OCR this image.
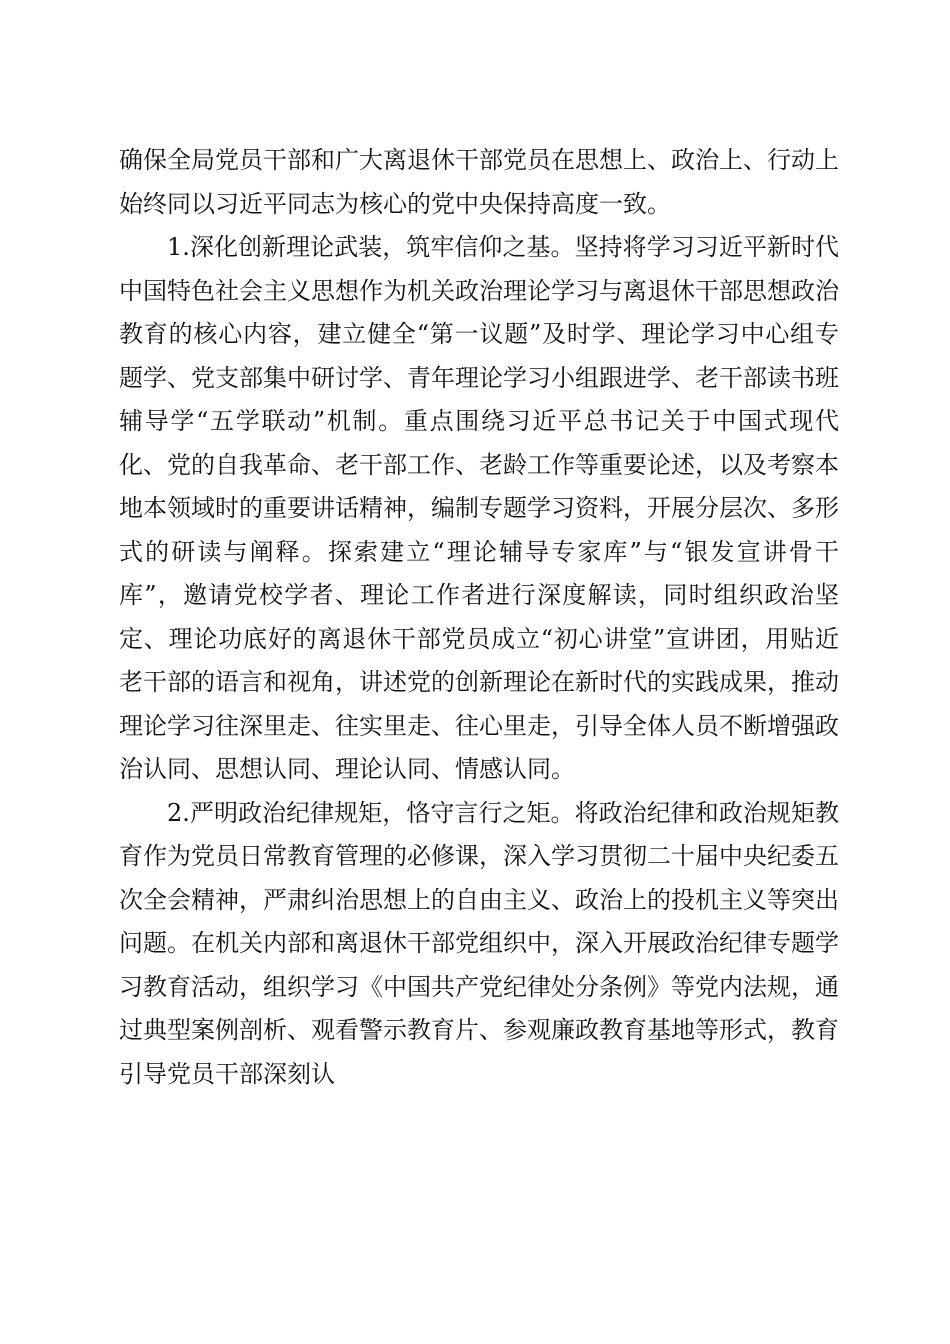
确保全局党员干部和广大离退休干部党员在思想上、政治上、行动上始终同以习近平同志为核心的党中央保持高度一致。

1.深化创新理论武装，筑牢信仰之基。坚持将学习习近平新时代中国特色社会主义思想作为机关政治理论学习与离退休干部思想政治教育的核心内容，建立健全“第一议题”及时学、理论学习中心组专题学、党支部集中研讨学、青年理论学习小组跟进学、老干部读书班辅导学“五学联动”机制。重点围绕习近平总书记关于中国式现代化、党的自我革命、老干部工作、老龄工作等重要论述，以及考察本地本领域时的重要讲话精神，编制专题学习资料，开展分层次、多形式的研读与阐释。探索建立“理论辅导专家库”与“银发宣讲骨干库”，邀请党校学者、理论工作者进行深度解读，同时组织政治坚定、理论功底好的离退休干部党员成立“初心讲堂”宣讲团，用贴近老干部的语言和视角，讲述党的创新理论在新时代的实践成果，推动理论学习往深里走、往实里走、往心里走，引导全体人员不断增强政治认同、思想认同、理论认同、情感认同。

2.严明政治纪律规矩，恪守言行之矩。将政治纪律和政治规矩教育作为党员日常教育管理的必修课，深入学习贯彻二十届中央纪委五次全会精神，严肃纠治思想上的自由主义、政治上的投机主义等突出问题。在机关内部和离退休干部党组织中，深入开展政治纪律专题学习教育活动，组织学习《中国共产党纪律处分条例》等党内法规，通过典型案例剖析、观看警示教育片、参观廉政教育基地等形式，教育引导党员干部深刻认
